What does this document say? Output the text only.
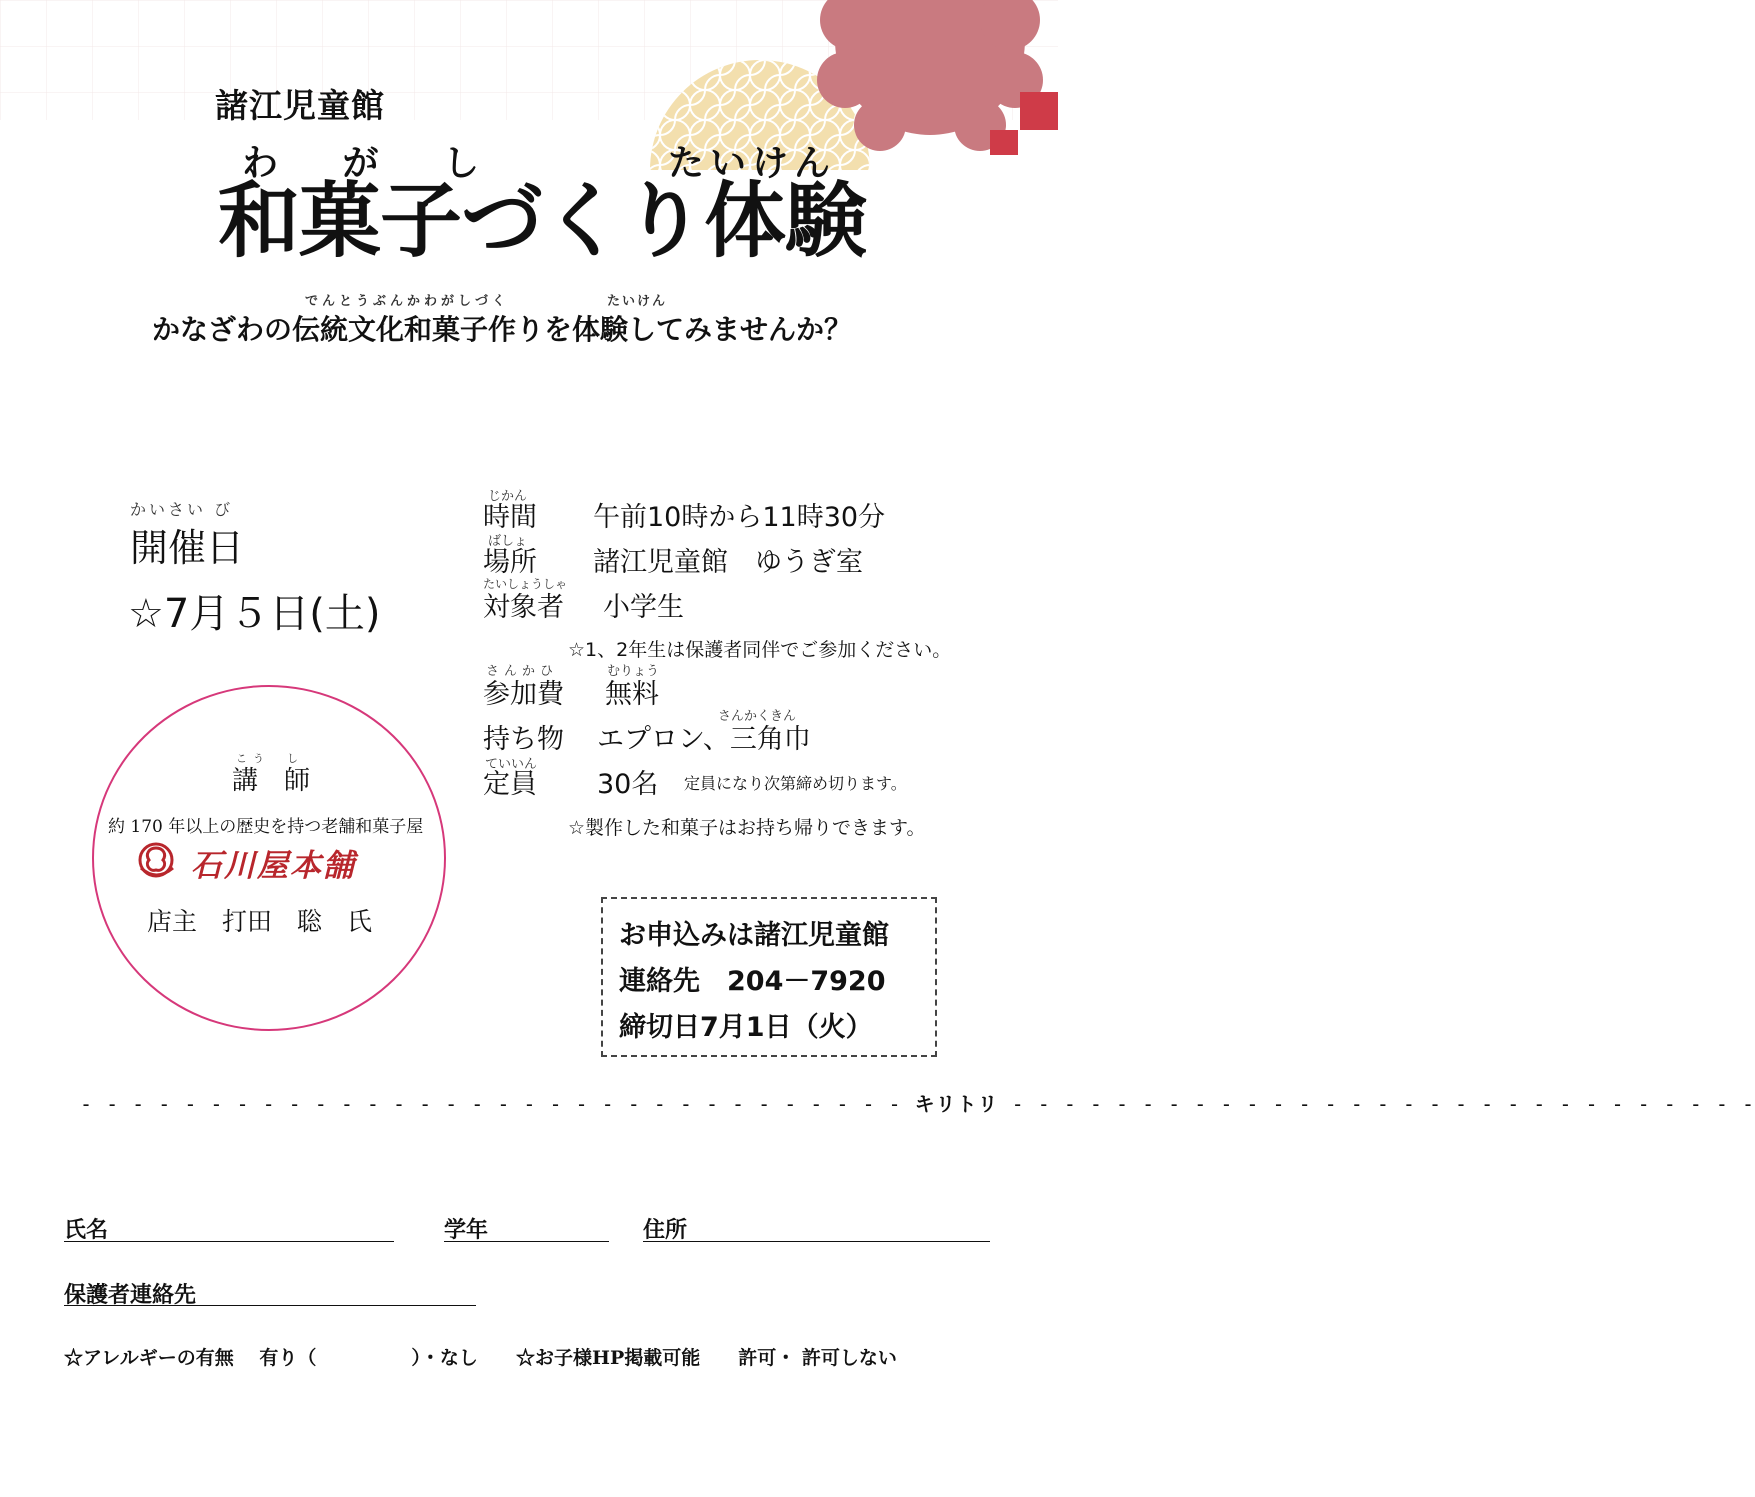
諸江児童館
わ が し	たいけん
和菓子づくり体験
でんとうぶんかわがしづく	たいけん
かなざわの伝統文化和菓子作りを体験してみませんか？
かいさい び
開催日
☆7月５日(土)
じかん
時間 午前10時から11時30分
ばしょ
場所 諸江児童館　ゆうぎ室
たいしょうしゃ
対象者 小学生
☆1、2年生は保護者同伴でご参加ください。
さんかひ	むりょう
参加費 無料
さんかくきん
持ち物 エプロン、三角巾
ていいん
定員 30名 定員になり次第締め切ります。
☆製作した和菓子はお持ち帰りできます。
こう　し
講　師
約 170 年以上の歴史を持つ老舗和菓子屋
石川屋本舗
店主　打田　聡　氏	お申込みは諸江児童館
連絡先　204－7920
締切日7月1日（火）
- - - - - - - - - - - - - - - - - - - - - - - - - - - - - - - - キリトリ - - - - - - - - - - - - - - - - - - - - - - - - - - - - -
氏名	学年	住所
保護者連絡先
☆アレルギーの有無　 有り（　　　　　）・なし ☆お子様HP掲載可能　　許可・ 許可しない
